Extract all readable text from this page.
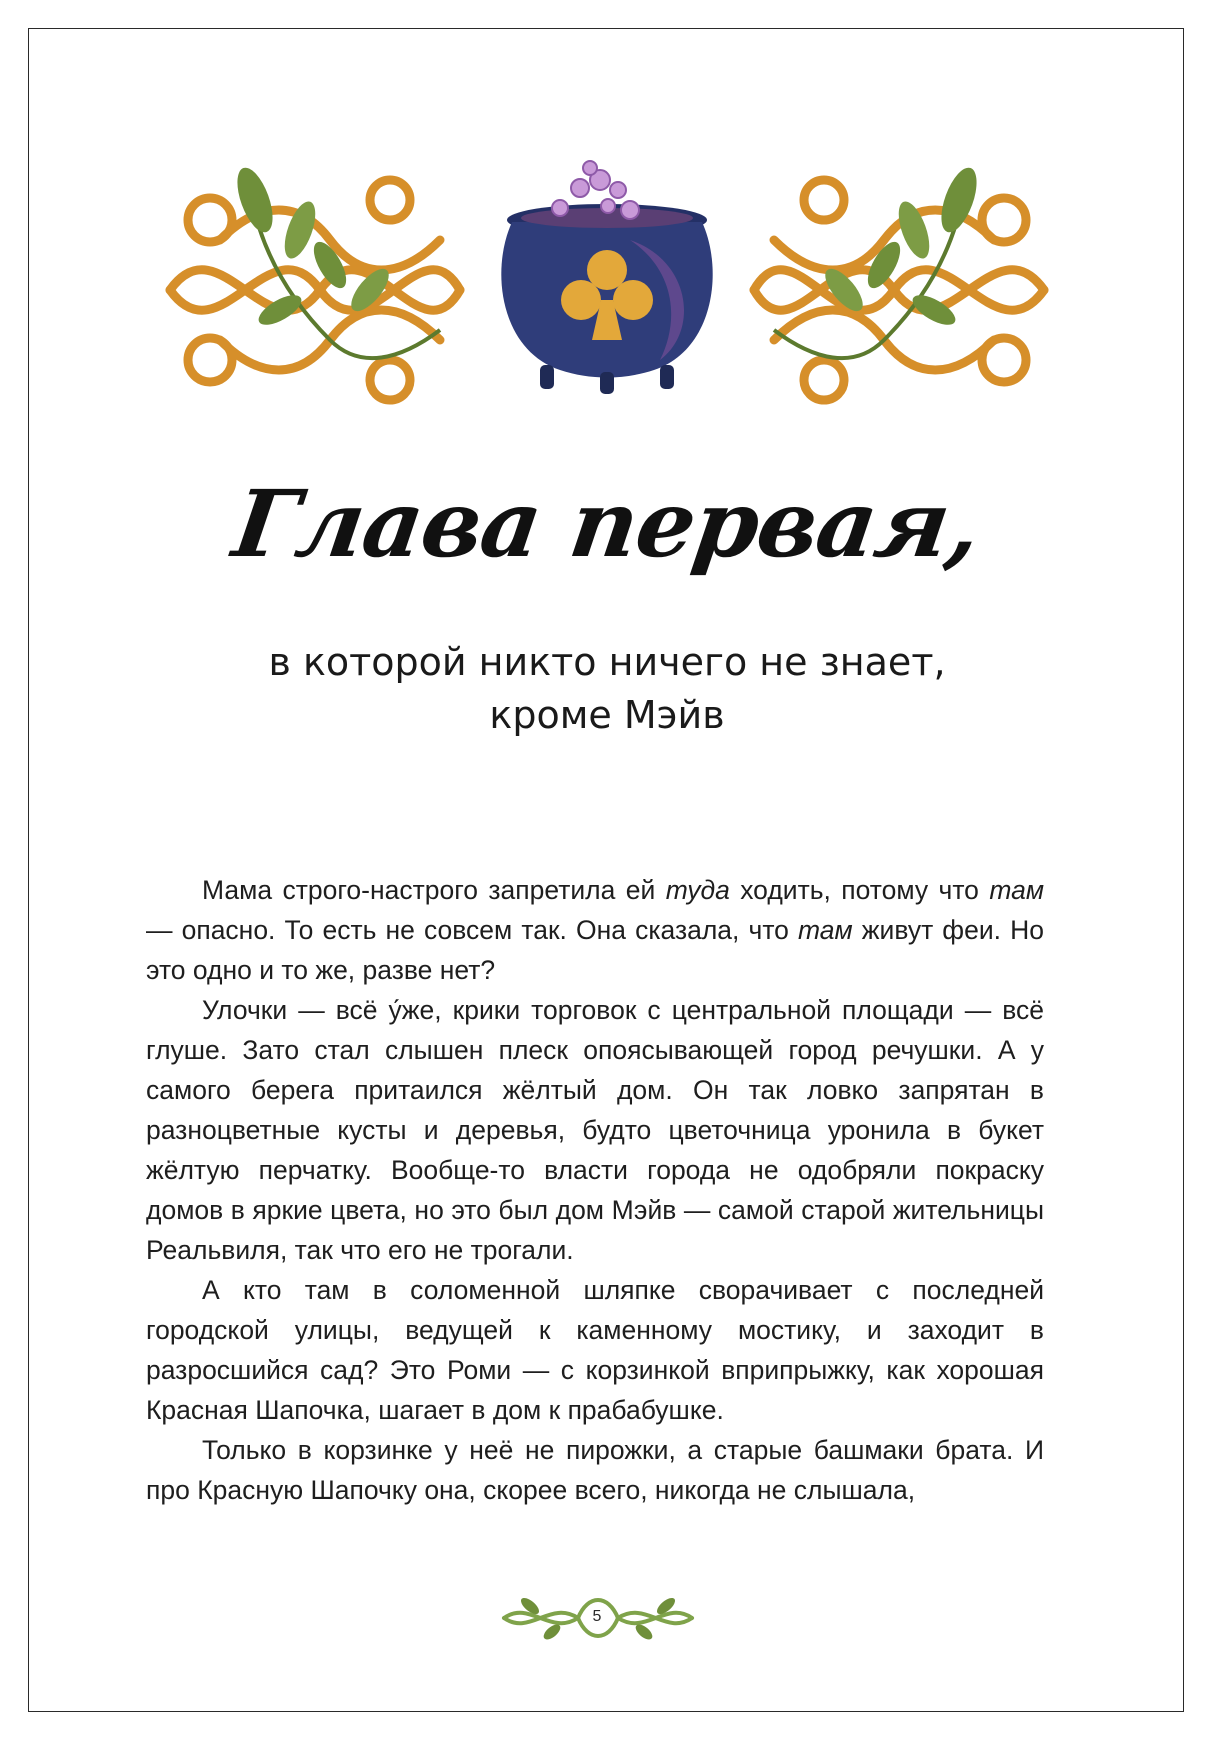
Глава первая,
в которой никто ничего не знает,
кроме Мэйв

Мама строго-настрого запретила ей туда ходить, потому что там — опасно. То есть не совсем так. Она сказала, что там живут феи. Но это одно и то же, разве нет?

Улочки — всё у́же, крики торговок с центральной площади — всё глуше. Зато стал слышен плеск опоясывающей город речушки. А у самого берега притаился жёлтый дом. Он так ловко запрятан в разноцветные кусты и деревья, будто цветочница уронила в букет жёлтую перчатку. Вообще-то власти города не одобряли покраску домов в яркие цвета, но это был дом Мэйв — самой старой жительницы Реальвиля, так что его не трогали.

А кто там в соломенной шляпке сворачивает с последней городской улицы, ведущей к каменному мостику, и заходит в разросшийся сад? Это Роми — с корзинкой вприпрыжку, как хорошая Красная Шапочка, шагает в дом к прабабушке.

Только в корзинке у неё не пирожки, а старые башмаки брата. И про Красную Шапочку она, скорее всего, никогда не слышала,

5
